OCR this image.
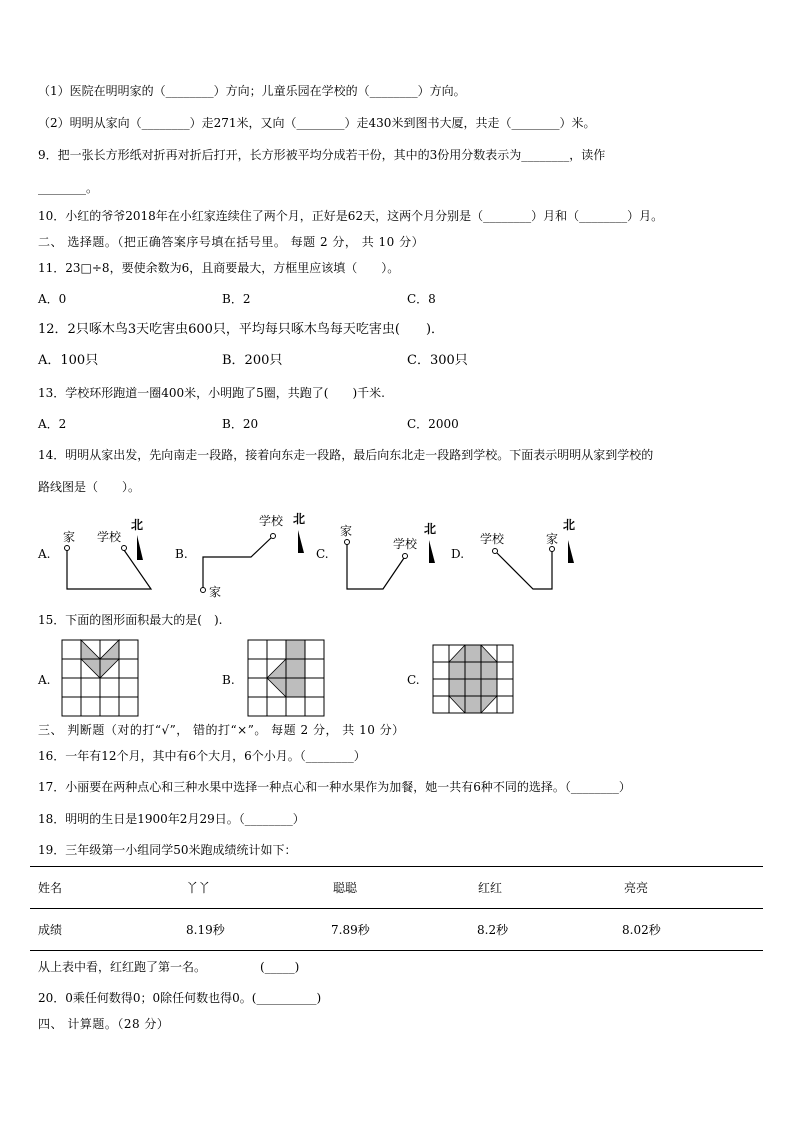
（1）医院在明明家的（________）方向；儿童乐园在学校的（________）方向。
（2）明明从家向（________）走271米，又向（________）走430米到图书大厦，共走（________）米。
9．把一张长方形纸对折再对折后打开，长方形被平均分成若干份，其中的3份用分数表示为________，读作
________。
10．小红的爷爷2018年在小红家连续住了两个月，正好是62天，这两个月分别是（________）月和（________）月。
二、 选择题。（把正确答案序号填在括号里。 每题 2 分， 共 10 分）
11．23□÷8，要使余数为6，且商要最大，方框里应该填（　　）。
A．0	B．2	C．8
12．2只啄木鸟3天吃害虫600只，平均每只啄木鸟每天吃害虫(　　)．
A．100只	B．200只	C．300只
13．学校环形跑道一圈400米，小明跑了5圈，共跑了(　　)千米.
A．2	B．20	C．2000
14．明明从家出发，先向南走一段路，接着向东走一段路，最后向东北走一段路到学校。下面表示明明从家到学校的
路线图是（　　）。
A.	B.	C.	D.
家 学校
北	学校 北
家
家
学校
北
学校	家
北
15．下面的图形面积最大的是(　).
A.	B.	C.
三、 判断题（对的打“√”， 错的打“×”。 每题 2 分， 共 10 分）
16．一年有12个月，其中有6个大月，6个小月。（________）
17．小丽要在两种点心和三种水果中选择一种点心和一种水果作为加餐，她一共有6种不同的选择。（________）
18．明明的生日是1900年2月29日。（________）
19．三年级第一小组同学50米跑成绩统计如下：
姓名	丫丫	聪聪	红红	亮亮
成绩	8.19秒	7.89秒	8.2秒	8.02秒
从上表中看，红红跑了第一名。　　　　　(_____)
20．0乘任何数得0；0除任何数也得0。(__________)
四、 计算题。（28 分）
